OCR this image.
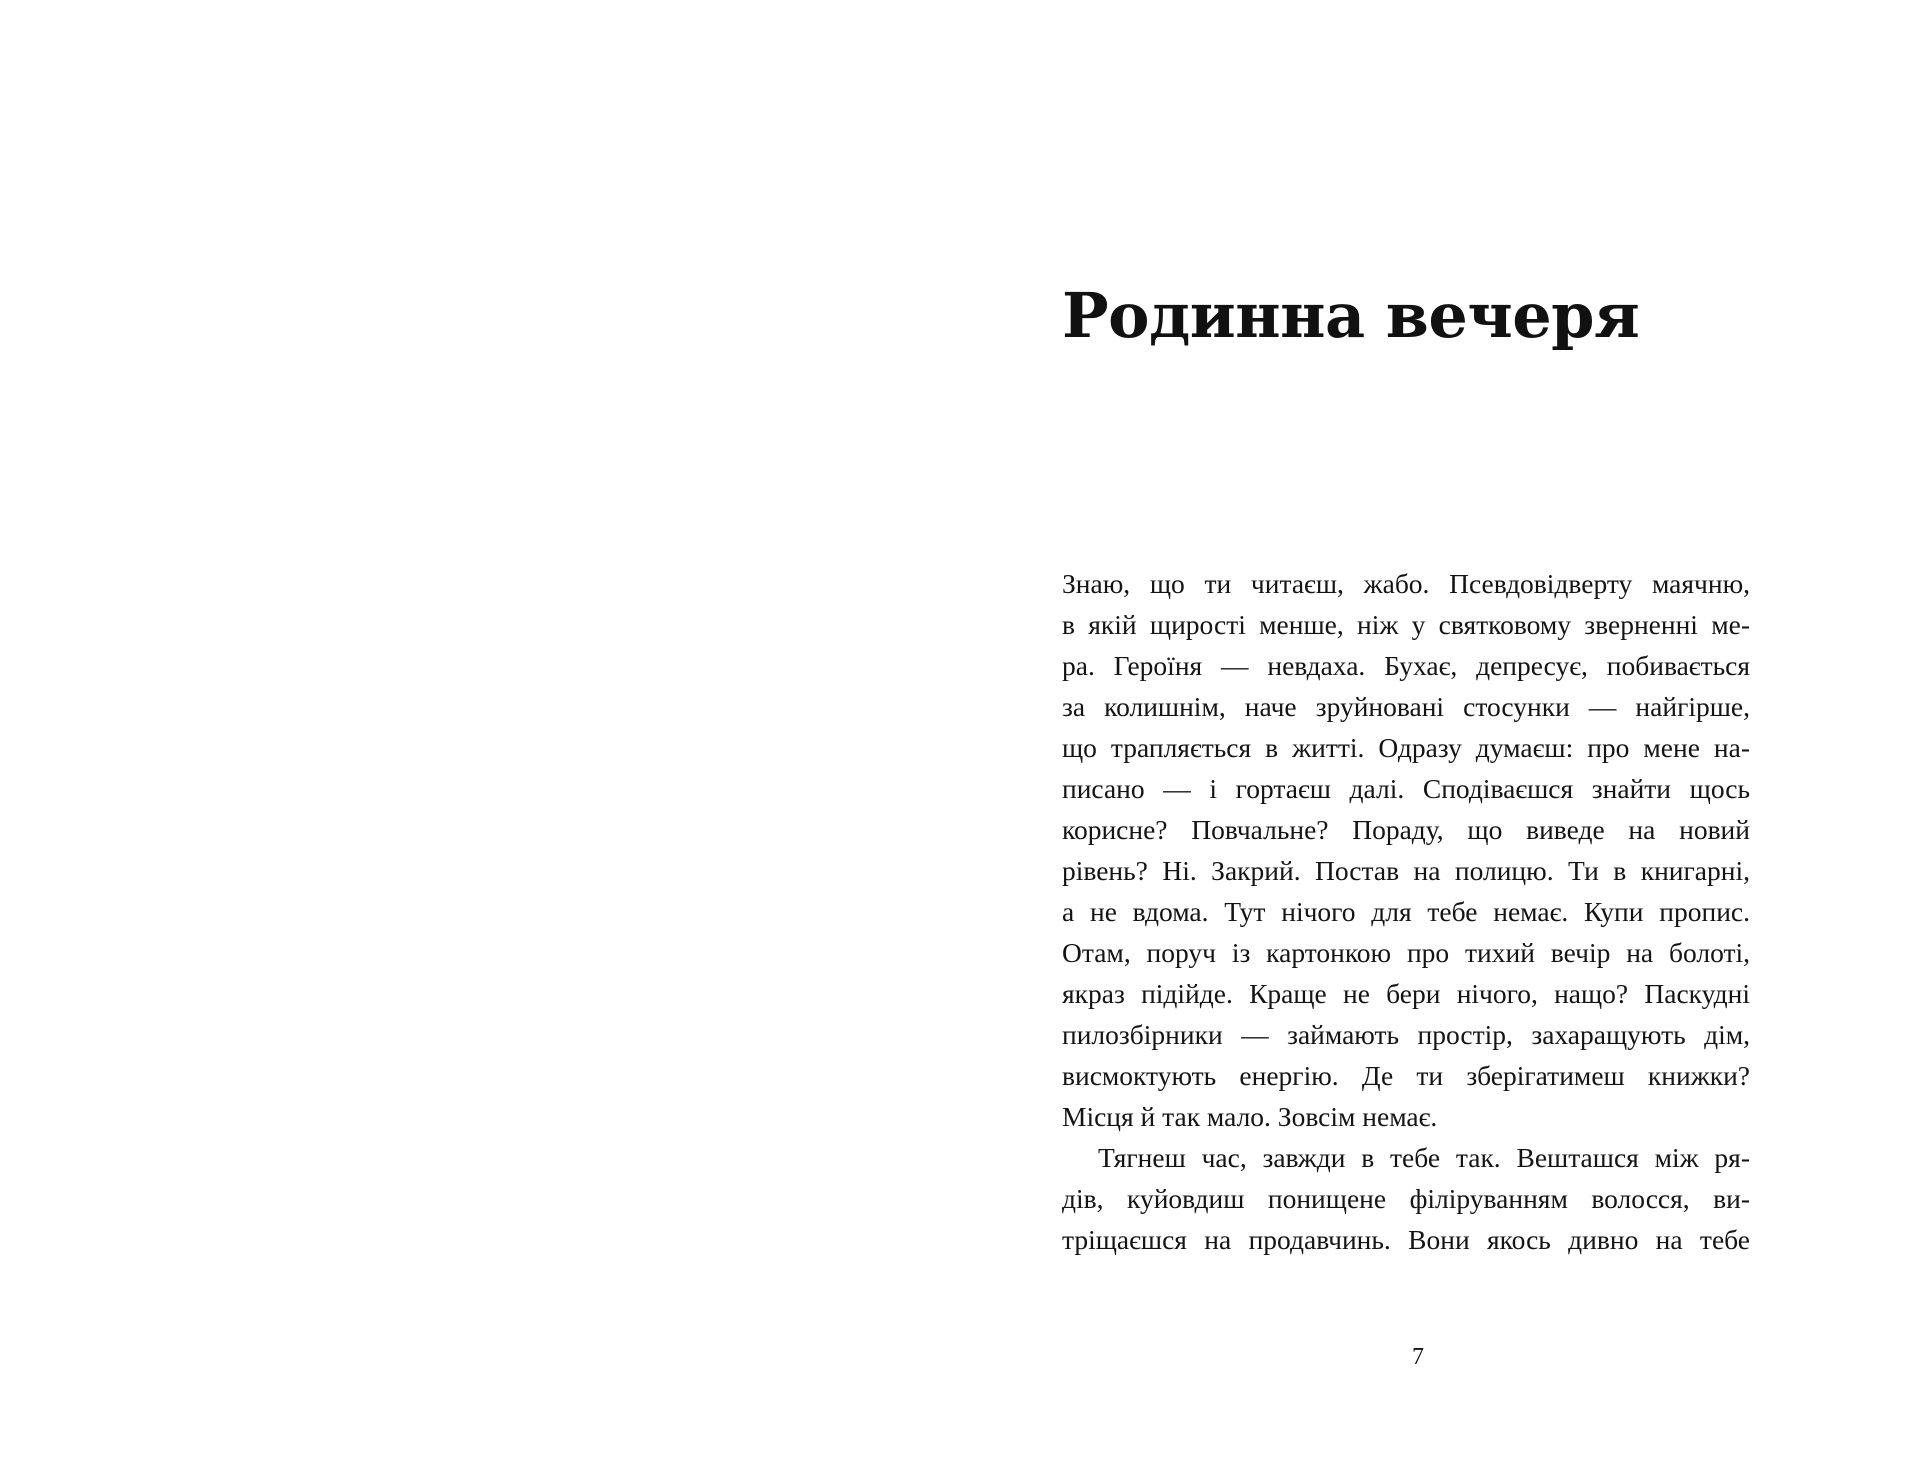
Родинна вечеря
Знаю, що ти читаєш, жабо. Псевдовідверту маячню,
в якій щирості менше, ніж у святковому зверненні ме-
ра. Героїня — невдаха. Бухає, депресує, побивається
за колишнім, наче зруйновані стосунки — найгірше,
що трапляється в житті. Одразу думаєш: про мене на-
писано — і гортаєш далі. Сподіваєшся знайти щось
корисне? Повчальне? Пораду, що виведе на новий
рівень? Ні. Закрий. Постав на полицю. Ти в книгарні,
а не вдома. Тут нічого для тебе немає. Купи пропис.
Отам, поруч із картонкою про тихий вечір на болоті,
якраз підійде. Краще не бери нічого, нащо? Паскудні
пилозбірники — займають простір, захаращують дім,
висмоктують енергію. Де ти зберігатимеш книжки?
Місця й так мало. Зовсім немає.
Тягнеш час, завжди в тебе так. Вешташся між ря-
дів, куйовдиш понищене філіруванням волосся, ви-
тріщаєшся на продавчинь. Вони якось дивно на тебе

7
